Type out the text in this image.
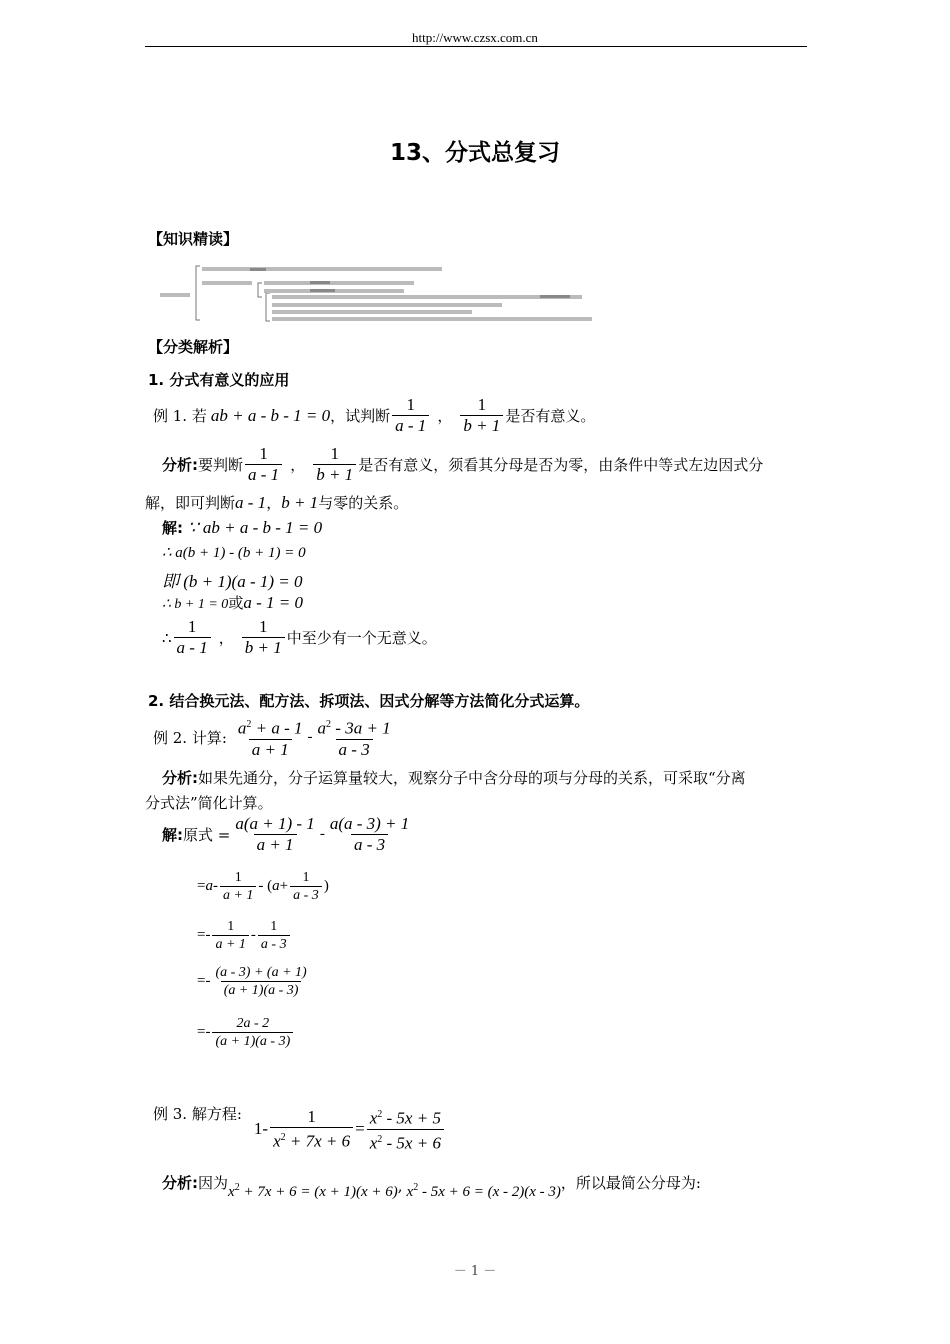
http://www.czsx.com.cn
13、分式总复习
【知识精读】
【分类解析】
1. 分式有意义的应用
例 1. 若 ab + a - b - 1 = 0 ，试判断 $\frac{1}{a - 1}$ ， $\frac{1}{b + 1}$ 是否有意义。
分析: 要判断 $\frac{1}{a - 1}$ ， $\frac{1}{b + 1}$ 是否有意义，须看其分母是否为零，由条件中等式左边因式分
解，即可判断a - 1，b + 1与零的关系。
解: ∵ ab + a - b - 1 = 0
∴ a(b + 1) - (b + 1) = 0
即 (b + 1)(a - 1) = 0
∴ b + 1 = 0或a - 1 = 0
∴ $\frac{1}{a - 1}$ ， $\frac{1}{b + 1}$ 中至少有一个无意义。
2. 结合换元法、配方法、拆项法、因式分解等方法简化分式运算。
例 2. 计算: $\frac{a^2 + a - 1}{a + 1} - \frac{a^2 - 3a + 1}{a - 3}$
分析:如果先通分，分子运算量较大，观察分子中含分母的项与分母的关系，可采取“分离
分式法”简化计算。
解: 原式 = $\frac{a(a + 1) - 1}{a + 1} - \frac{a(a - 3) + 1}{a - 3}$
= a - $\frac{1}{a + 1}$ - ( $a + \frac{1}{a - 3}$ )
=- $\frac{1}{a + 1} - \frac{1}{a - 3}$
=- $\frac{(a - 3) + (a + 1)}{(a + 1)(a - 3)}$
=- $\frac{2a - 2}{(a + 1)(a - 3)}$
例 3. 解方程:
$1- \frac{1}{x^2 + 7x + 6} = \frac{x^2 - 5x + 5}{x^2 - 5x + 6}$
分析: 因为 $x^2 + 7x + 6 = (x + 1)(x + 6)$ , $x^2 - 5x + 6 = (x - 2)(x - 3)$ ，所以最简公分母为:
－ 1 －
